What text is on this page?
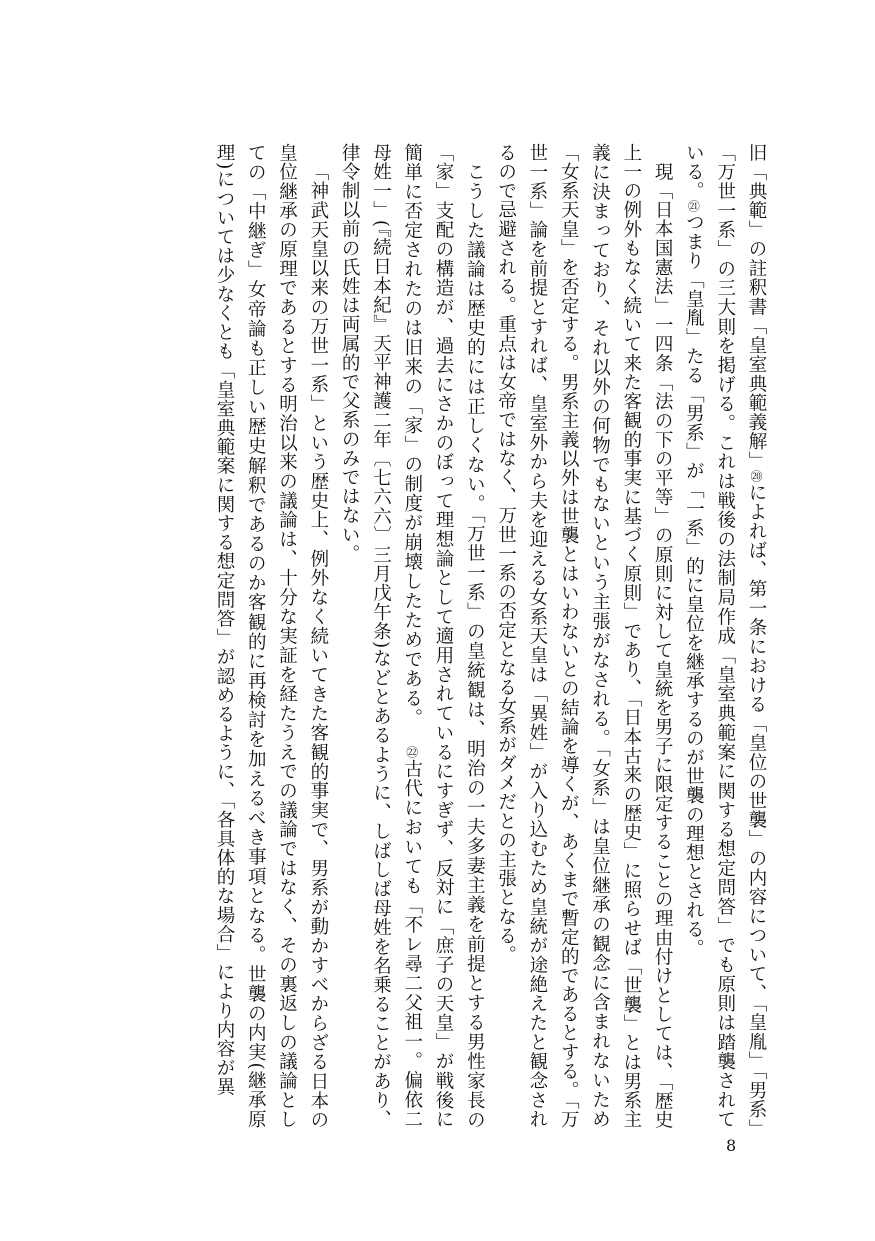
旧「典範」の註釈書「皇室典範義解」⑳によれば、第一条における「皇位の世襲」の内容について、「皇胤」「男系」「万世一系」の三大則を掲げる。これは戦後の法制局作成「皇室典範案に関する想定問答」でも原則は踏襲されている。㉑つまり「皇胤」たる「男系」が「一系」的に皇位を継承するのが世襲の理想とされる。

現「日本国憲法」一四条「法の下の平等」の原則に対して皇統を男子に限定することの理由付けとしては、「歴史上一の例外もなく続いて来た客観的事実に基づく原則」であり、「日本古来の歴史」に照らせば「世襲」とは男系主義に決まっており、それ以外の何物でもないという主張がなされる。「女系」は皇位継承の観念に含まれないため「女系天皇」を否定する。男系主義以外は世襲とはいわないとの結論を導くが、あくまで暫定的であるとする。「万世一系」論を前提とすれば、皇室外から夫を迎える女系天皇は「異姓」が入り込むため皇統が途絶えたと観念されるので忌避される。重点は女帝ではなく、万世一系の否定となる女系がダメだとの主張となる。

こうした議論は歴史的には正しくない。「万世一系」の皇統観は、明治の一夫多妻主義を前提とする男性家長の「家」支配の構造が、過去にさかのぼって理想論として適用されているにすぎず、反対に「庶子の天皇」が戦後に簡単に否定されたのは旧来の「家」の制度が崩壊したためである。㉒古代においても「不レ尋二父祖一。偏依二母姓一」(『続日本紀』天平神護二年〔七六六〕三月戊午条)などとあるように、しばしば母姓を名乗ることがあり、律令制以前の氏姓は両属的で父系のみではない。

「神武天皇以来の万世一系」という歴史上、例外なく続いてきた客観的事実で、男系が動かすべからざる日本の皇位継承の原理であるとする明治以来の議論は、十分な実証を経たうえでの議論ではなく、その裏返しの議論としての「中継ぎ」女帝論も正しい歴史解釈であるのか客観的に再検討を加えるべき事項となる。世襲の内実(継承原理)については少なくとも「皇室典範案に関する想定問答」が認めるように、「各具体的な場合」により内容が異

8
